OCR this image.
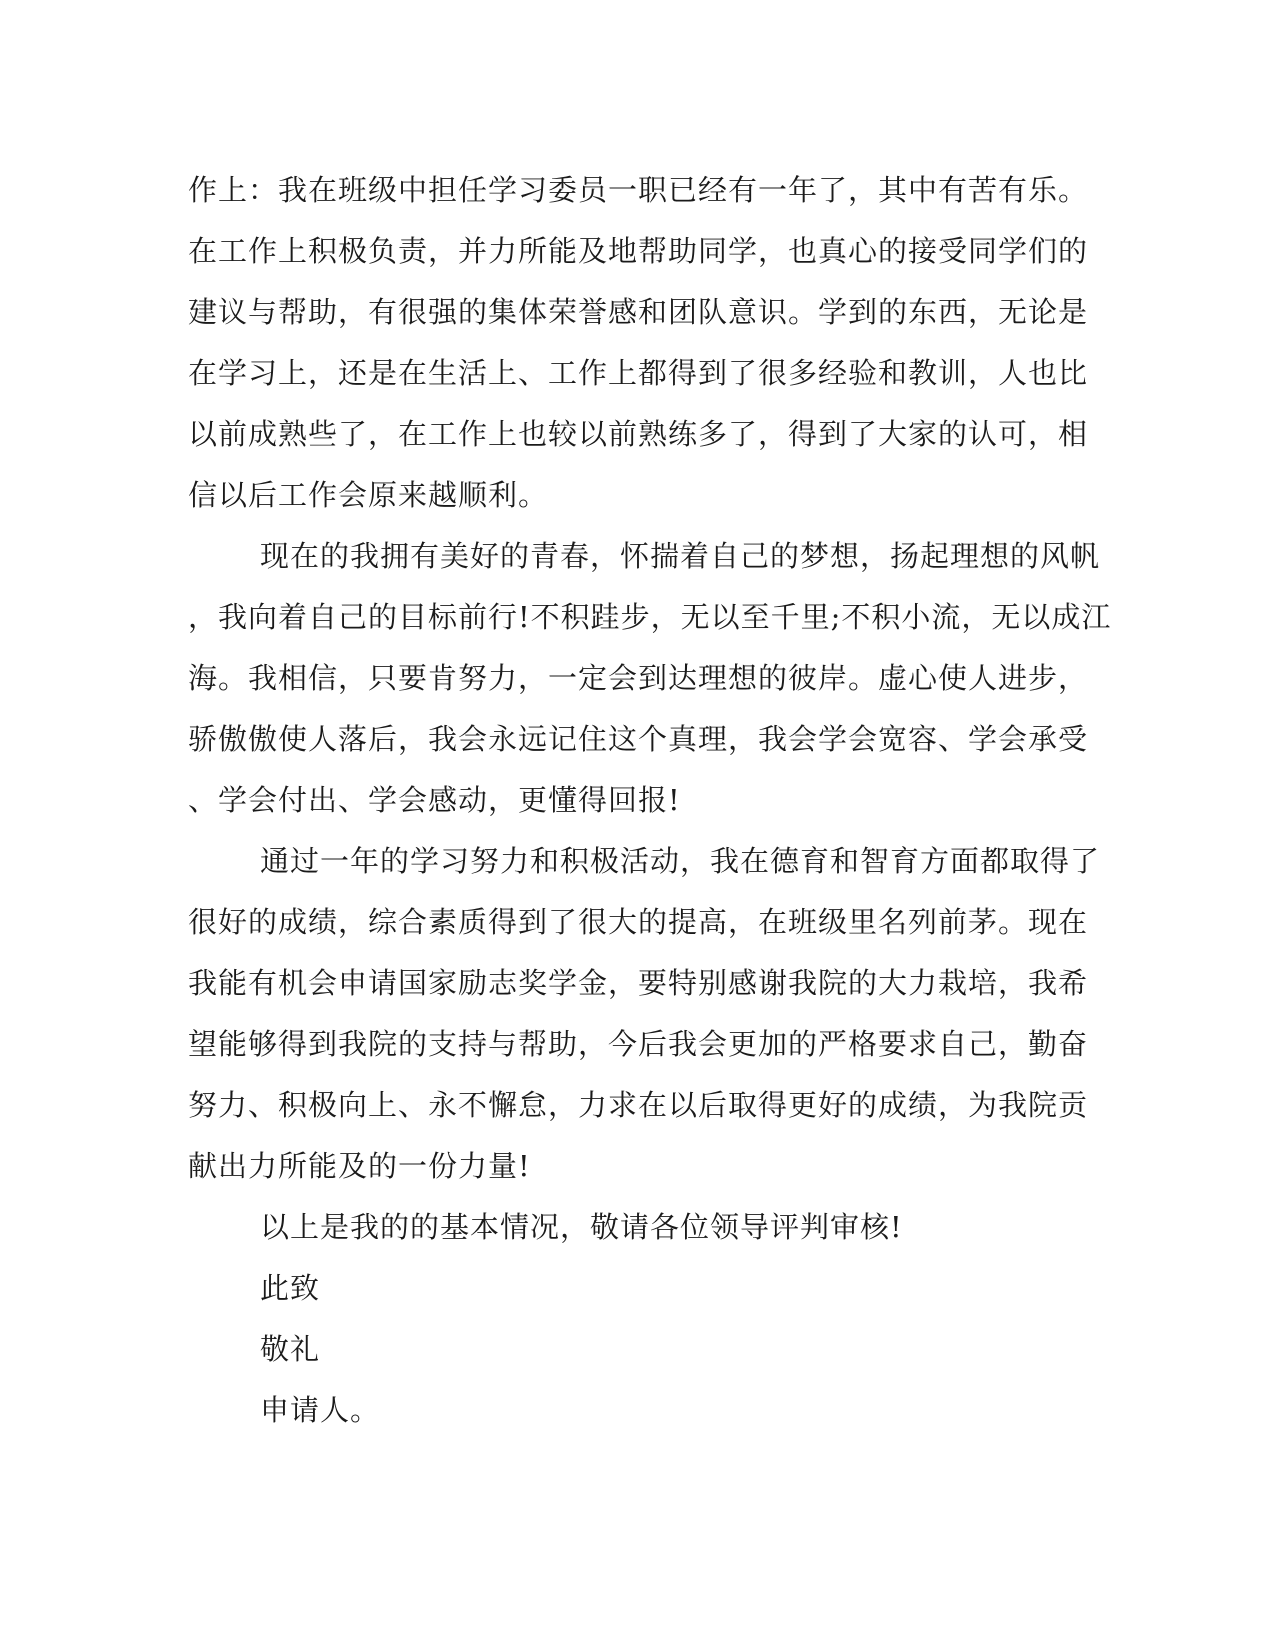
作上：我在班级中担任学习委员一职已经有一年了，其中有苦有乐。
在工作上积极负责，并力所能及地帮助同学，也真心的接受同学们的
建议与帮助，有很强的集体荣誉感和团队意识。学到的东西，无论是
在学习上，还是在生活上、工作上都得到了很多经验和教训，人也比
以前成熟些了，在工作上也较以前熟练多了，得到了大家的认可，相
信以后工作会原来越顺利。
现在的我拥有美好的青春，怀揣着自己的梦想，扬起理想的风帆
，我向着自己的目标前行!不积跬步，无以至千里;不积小流，无以成江
海。我相信，只要肯努力，一定会到达理想的彼岸。虚心使人进步，
骄傲傲使人落后，我会永远记住这个真理，我会学会宽容、学会承受
、学会付出、学会感动，更懂得回报!
通过一年的学习努力和积极活动，我在德育和智育方面都取得了
很好的成绩，综合素质得到了很大的提高，在班级里名列前茅。现在
我能有机会申请国家励志奖学金，要特别感谢我院的大力栽培，我希
望能够得到我院的支持与帮助，今后我会更加的严格要求自己，勤奋
努力、积极向上、永不懈怠，力求在以后取得更好的成绩，为我院贡
献出力所能及的一份力量!
以上是我的的基本情况，敬请各位领导评判审核!
此致
敬礼
申请人。
